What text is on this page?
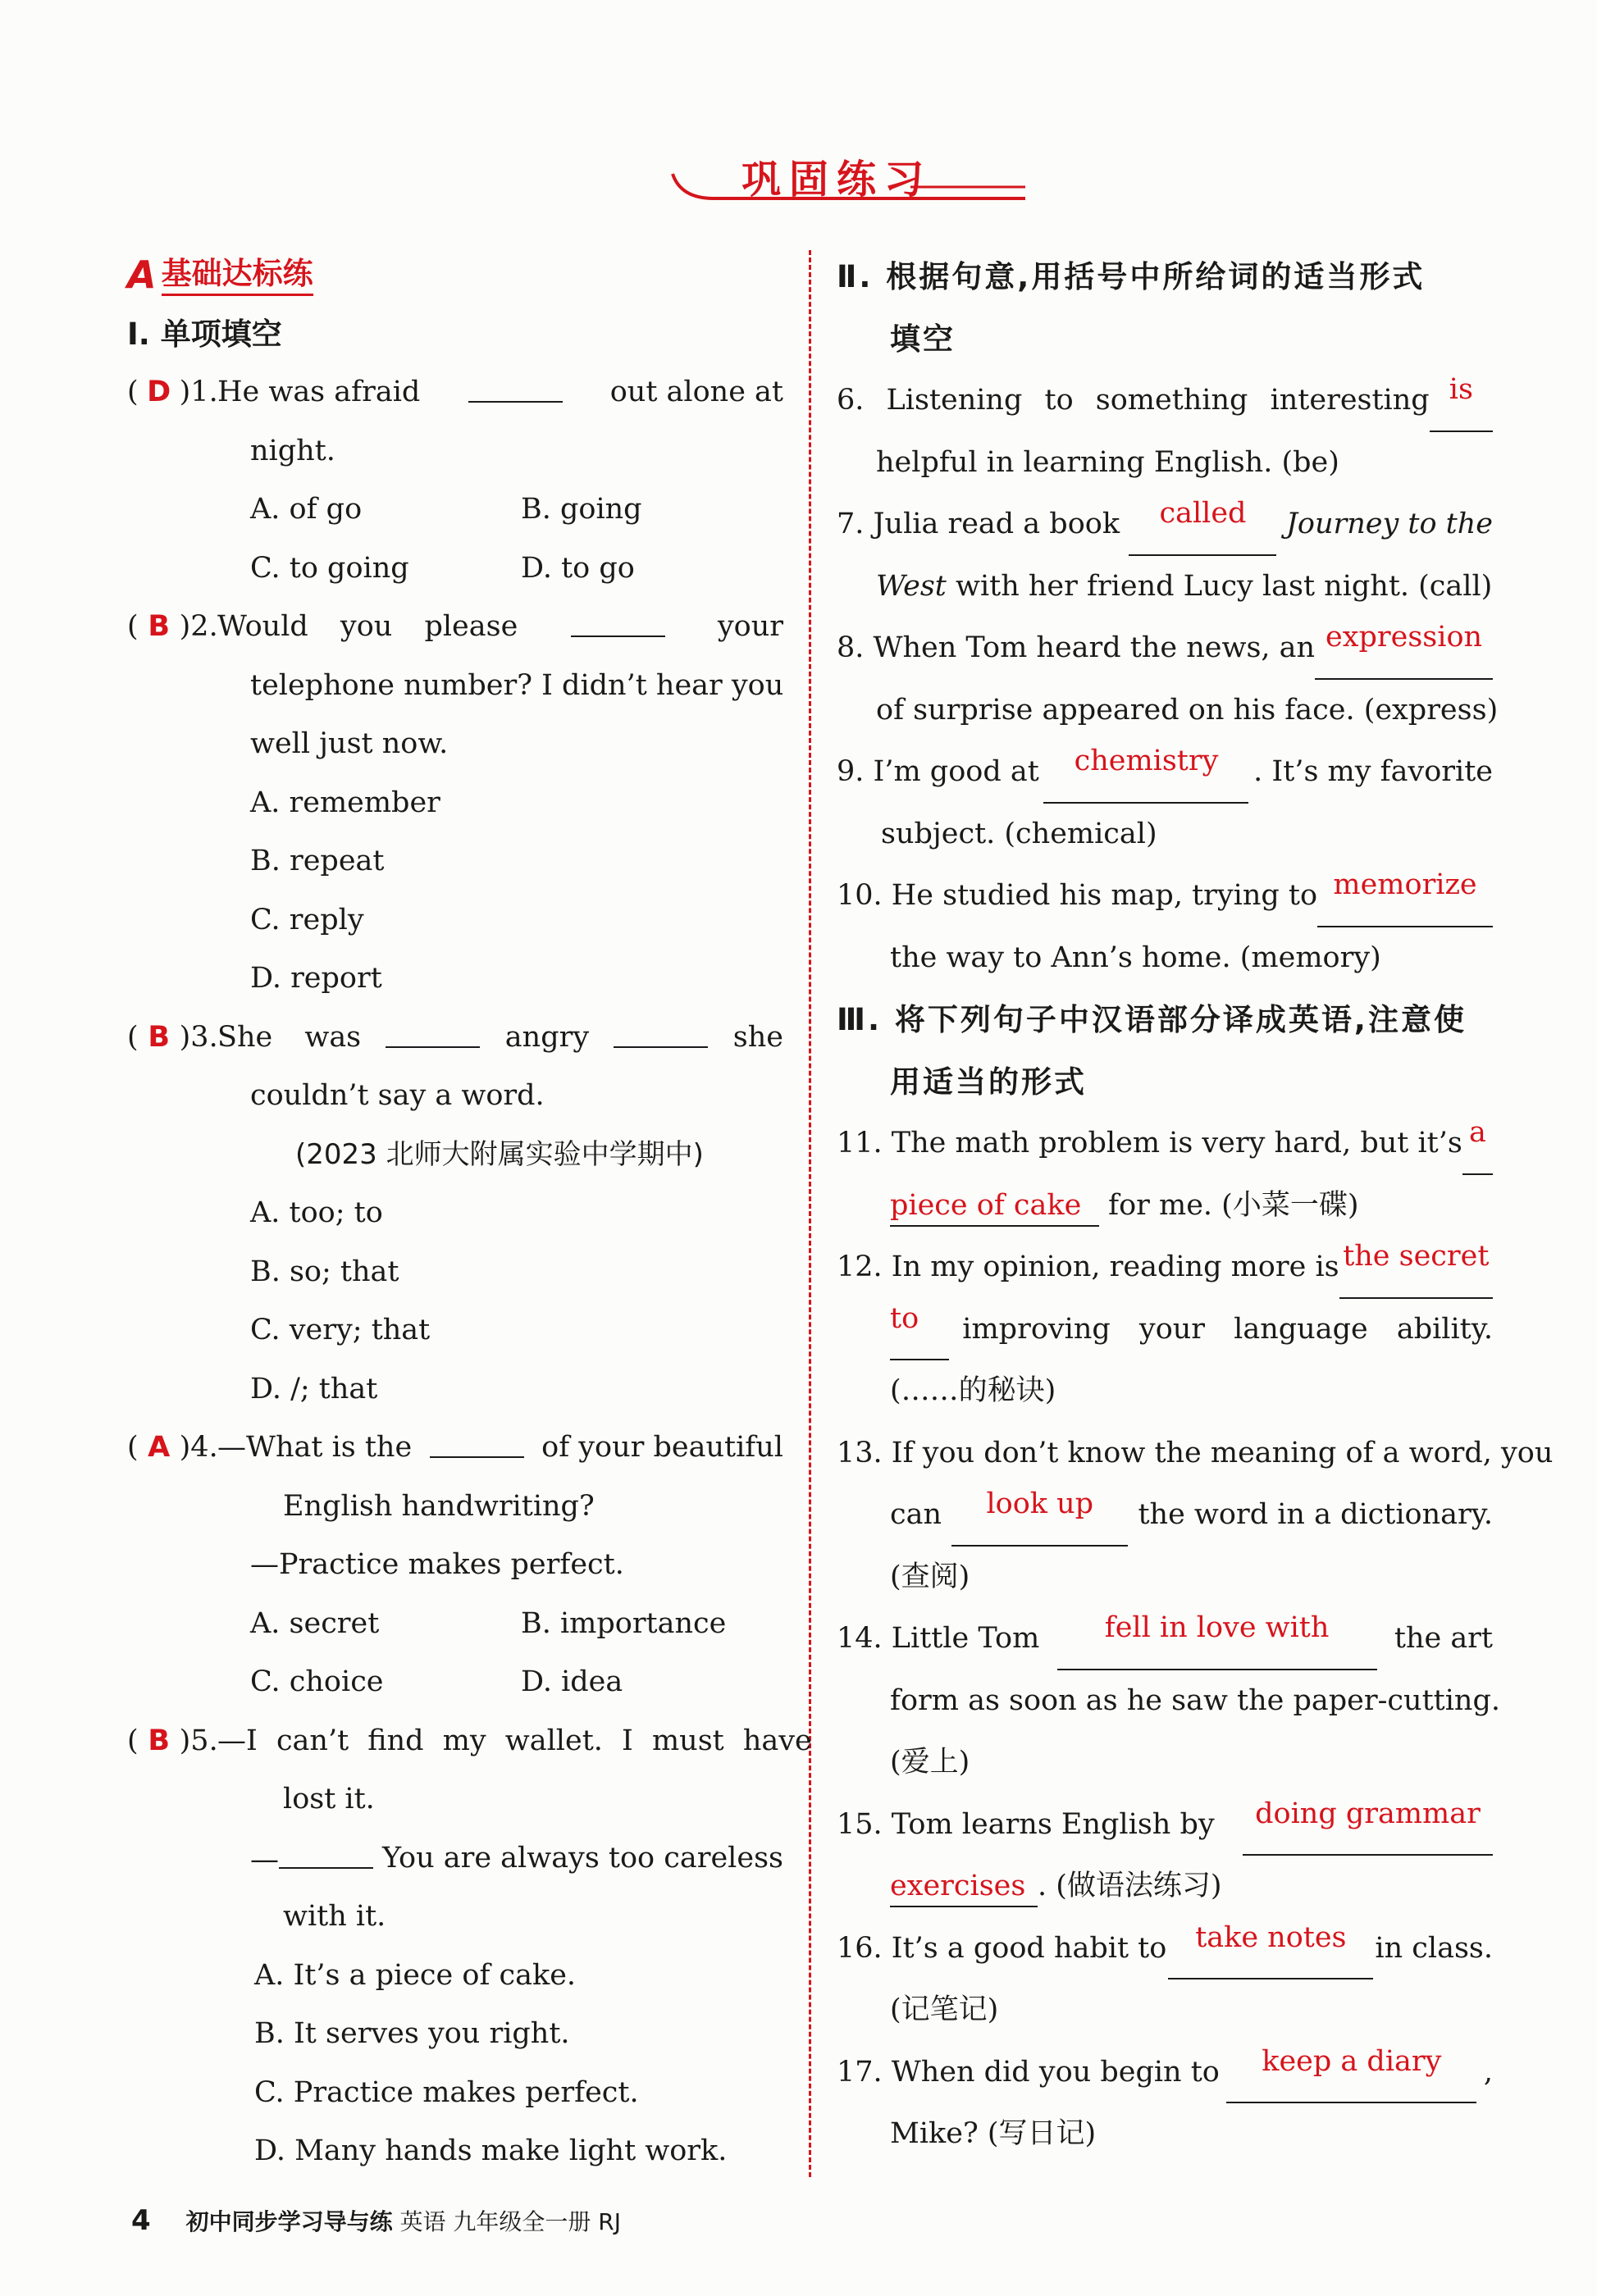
巩固练习
A 基础达标练
Ⅰ. 单项填空
( D )1.He was afraid	out alone at
night.
A. of go	B. going
C. to going	D. to go
( B )2.Would you please	your
telephone number? I didn’t hear you
well just now.
A. remember
B. repeat
C. reply
D. report
( B )3.She was	angry	she
couldn’t say a word.
(2023 北师大附属实验中学期中)
A. too; to
B. so; that
C. very; that
D. /; that
( A )4.—What is the	of your beautiful
English handwriting?
—Practice makes perfect.
A. secret	B. importance
C. choice	D. idea
( B )5. —I can’t find my wallet. I must have
lost it.
—	You are always too careless
with it.
A. It’s a piece of cake.
B. It serves you right.
C. Practice makes perfect.
D. Many hands make light work.
Ⅱ. 根据句意,用括号中所给词的适当形式
填空
6. Listening to something interesting is
helpful in learning English. (be)
7. Julia read a book	called	Journey to the
West with her friend Lucy last night. (call)
8. When Tom heard the news, an expression
of surprise appeared on his face. (express)
9. I’m good at	chemistry	. It’s my favorite
subject. (chemical)
10. He studied his map, trying to memorize
the way to Ann’s home. (memory)
Ⅲ. 将下列句子中汉语部分译成英语,注意使
用适当的形式
11. The math problem is very hard, but it’s a
piece of cake for me. (小菜一碟)
12. In my opinion, reading more is the secret
to	improving your language ability.
(……的秘诀)
13. If you don’t know the meaning of a word, you
can	look up	the word in a dictionary.
(查阅)
14. Little Tom	fell in love with	the art
form as soon as he saw the paper-cutting.
(爱上)
15. Tom learns English by	doing grammar
exercises . (做语法练习)
16. It’s a good habit to take notes in class.
(记笔记)
17. When did you begin to	keep a diary	,
Mike? (写日记)
4 初中同步学习导与练 英语 九年级全一册 RJ
